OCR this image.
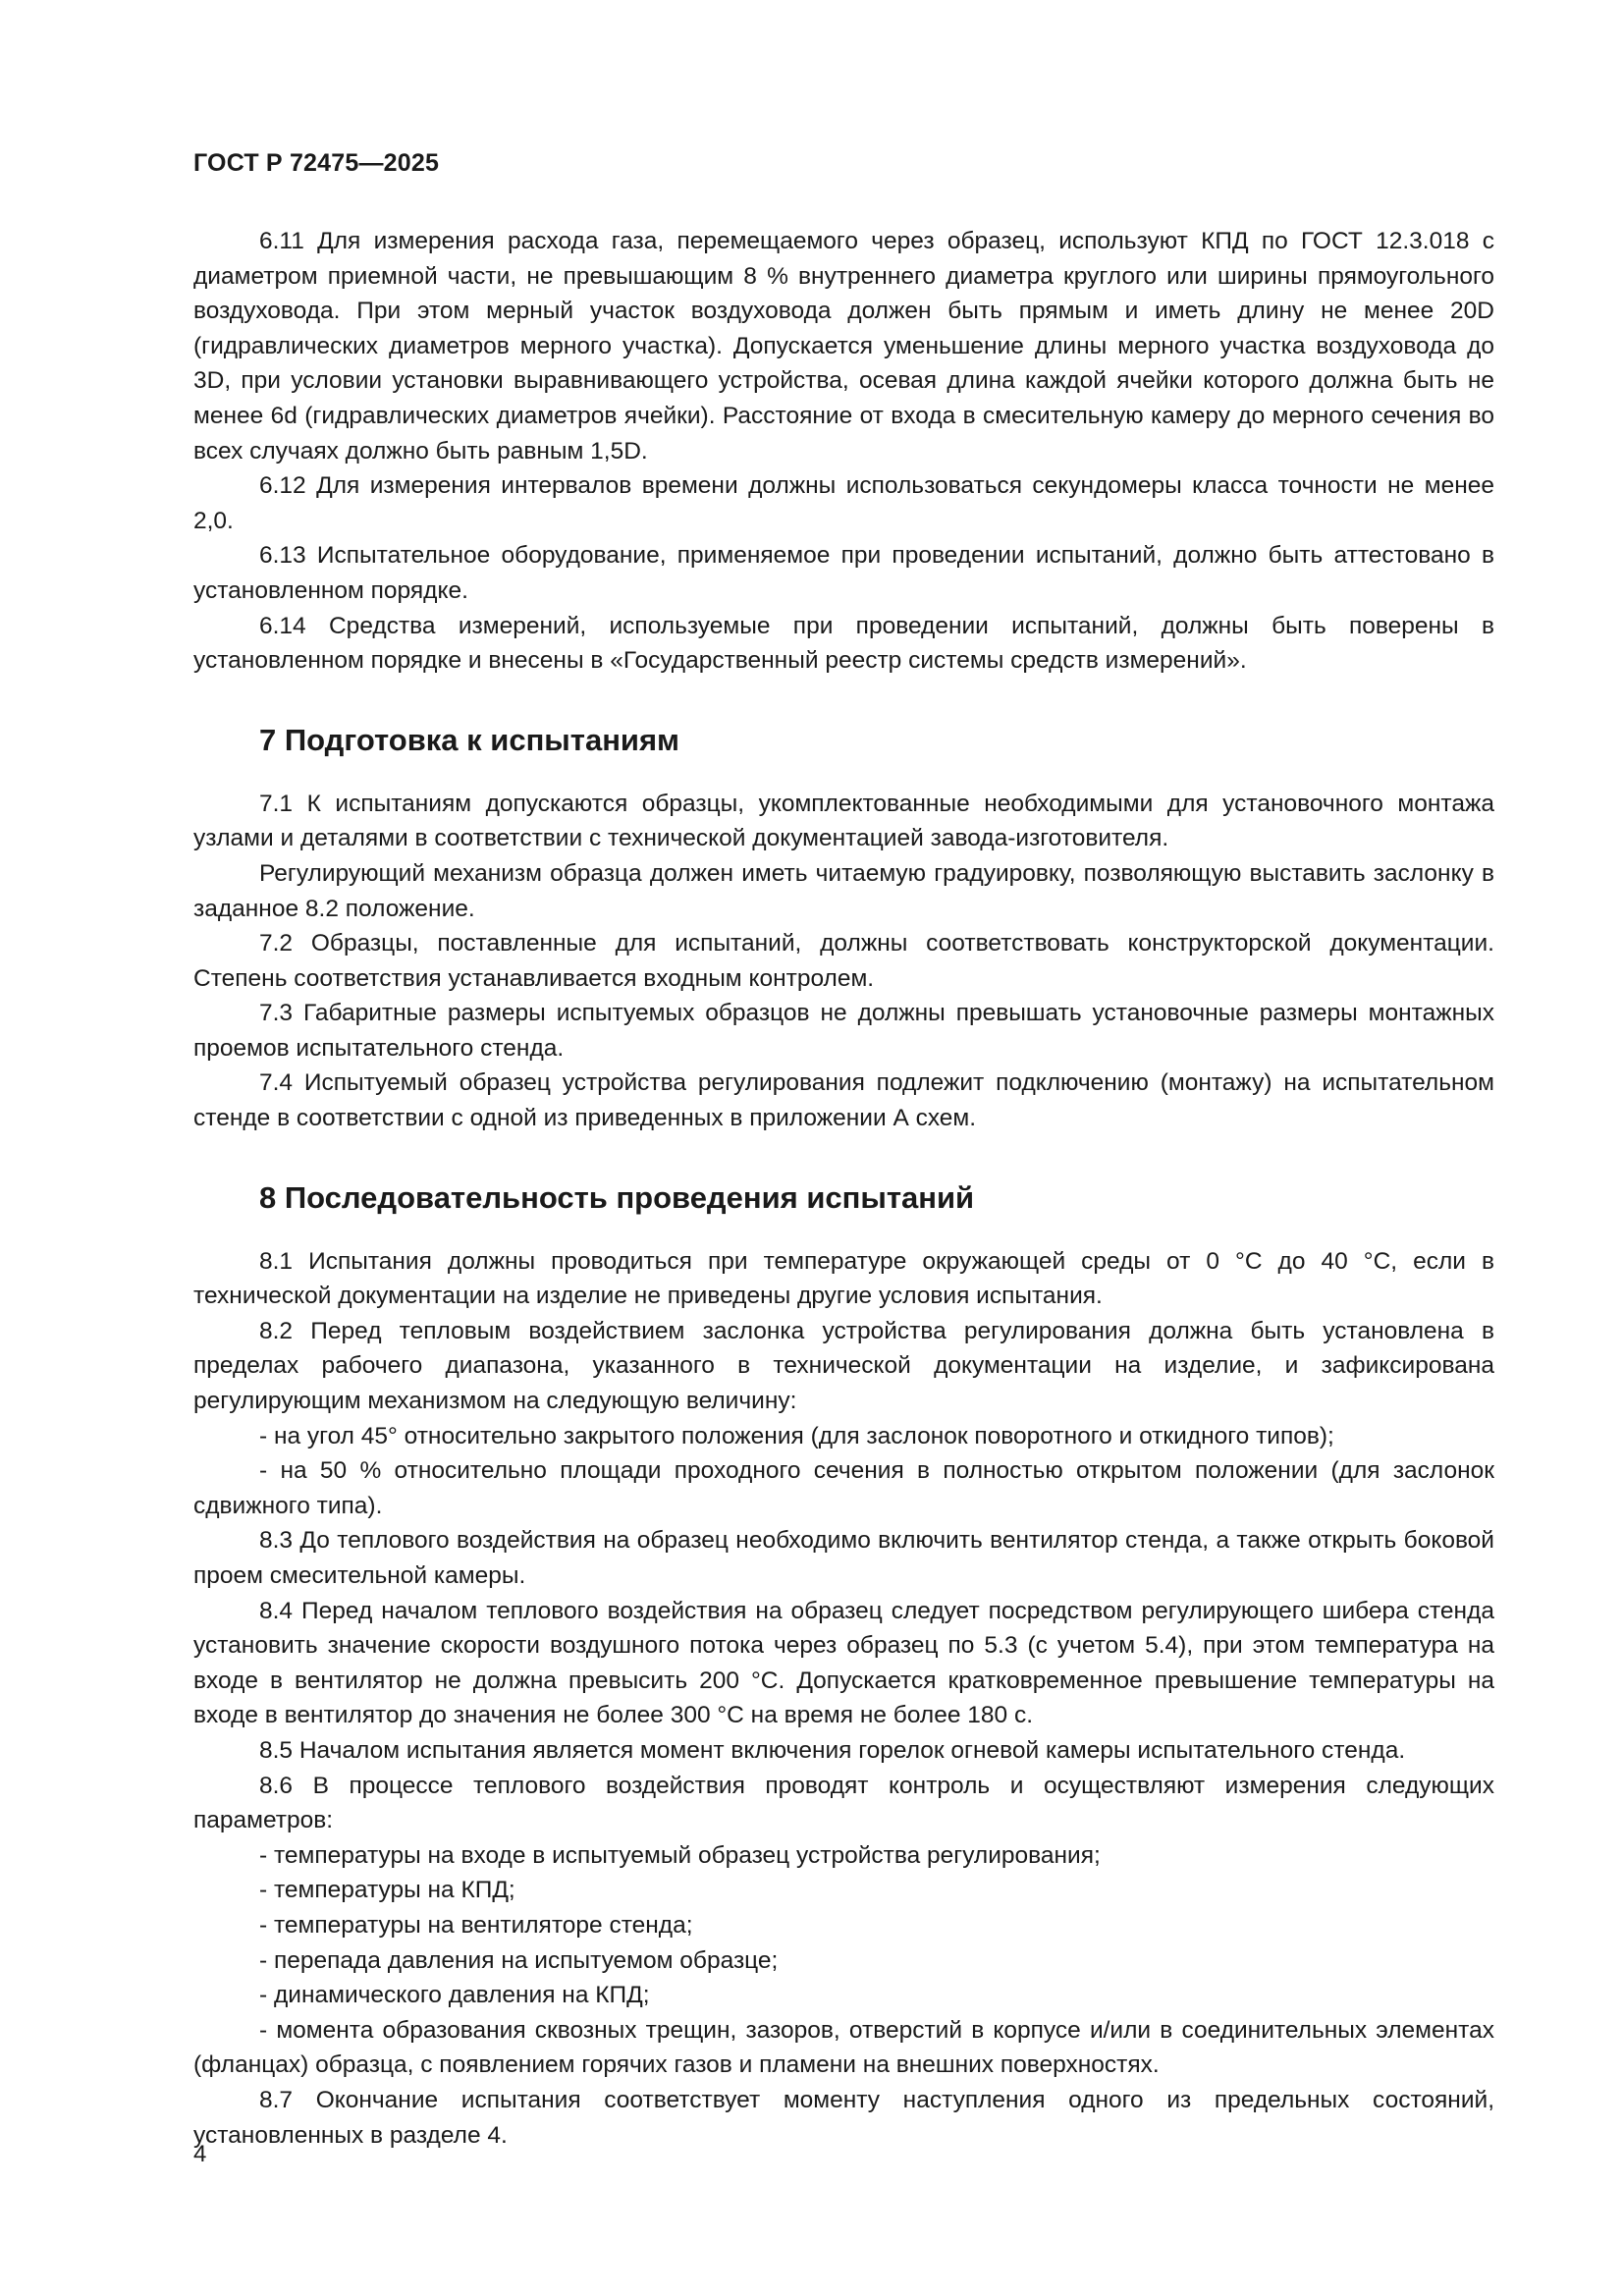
ГОСТ Р 72475—2025

6.11 Для измерения расхода газа, перемещаемого через образец, используют КПД по ГОСТ 12.3.018 с диаметром приемной части, не превышающим 8 % внутреннего диаметра круглого или ширины прямоугольного воздуховода. При этом мерный участок воздуховода должен быть прямым и иметь длину не менее 20D (гидравлических диаметров мерного участка). Допускается уменьшение длины мерного участка воздуховода до 3D, при условии установки выравнивающего устройства, осевая длина каждой ячейки которого должна быть не менее 6d (гидравлических диаметров ячейки). Расстояние от входа в смесительную камеру до мерного сечения во всех случаях должно быть равным 1,5D.

6.12 Для измерения интервалов времени должны использоваться секундомеры класса точности не менее 2,0.

6.13 Испытательное оборудование, применяемое при проведении испытаний, должно быть аттестовано в установленном порядке.

6.14 Средства измерений, используемые при проведении испытаний, должны быть поверены в установленном порядке и внесены в «Государственный реестр системы средств измерений».

7 Подготовка к испытаниям

7.1 К испытаниям допускаются образцы, укомплектованные необходимыми для установочного монтажа узлами и деталями в соответствии с технической документацией завода-изготовителя.

Регулирующий механизм образца должен иметь читаемую градуировку, позволяющую выставить заслонку в заданное 8.2 положение.

7.2 Образцы, поставленные для испытаний, должны соответствовать конструкторской документации. Степень соответствия устанавливается входным контролем.

7.3 Габаритные размеры испытуемых образцов не должны превышать установочные размеры монтажных проемов испытательного стенда.

7.4 Испытуемый образец устройства регулирования подлежит подключению (монтажу) на испытательном стенде в соответствии с одной из приведенных в приложении А схем.

8 Последовательность проведения испытаний

8.1 Испытания должны проводиться при температуре окружающей среды от 0 °С до 40 °С, если в технической документации на изделие не приведены другие условия испытания.

8.2 Перед тепловым воздействием заслонка устройства регулирования должна быть установлена в пределах рабочего диапазона, указанного в технической документации на изделие, и зафиксирована регулирующим механизмом на следующую величину:

- на угол 45° относительно закрытого положения (для заслонок поворотного и откидного типов);

- на 50 % относительно площади проходного сечения в полностью открытом положении (для заслонок сдвижного типа).

8.3 До теплового воздействия на образец необходимо включить вентилятор стенда, а также открыть боковой проем смесительной камеры.

8.4 Перед началом теплового воздействия на образец следует посредством регулирующего шибера стенда установить значение скорости воздушного потока через образец по 5.3 (с учетом 5.4), при этом температура на входе в вентилятор не должна превысить 200 °С. Допускается кратковременное превышение температуры на входе в вентилятор до значения не более 300 °С на время не более 180 с.

8.5 Началом испытания является момент включения горелок огневой камеры испытательного стенда.

8.6 В процессе теплового воздействия проводят контроль и осуществляют измерения следующих параметров:

- температуры на входе в испытуемый образец устройства регулирования;

- температуры на КПД;

- температуры на вентиляторе стенда;

- перепада давления на испытуемом образце;

- динамического давления на КПД;

- момента образования сквозных трещин, зазоров, отверстий в корпусе и/или в соединительных элементах (фланцах) образца, с появлением горячих газов и пламени на внешних поверхностях.

8.7 Окончание испытания соответствует моменту наступления одного из предельных состояний, установленных в разделе 4.

4
